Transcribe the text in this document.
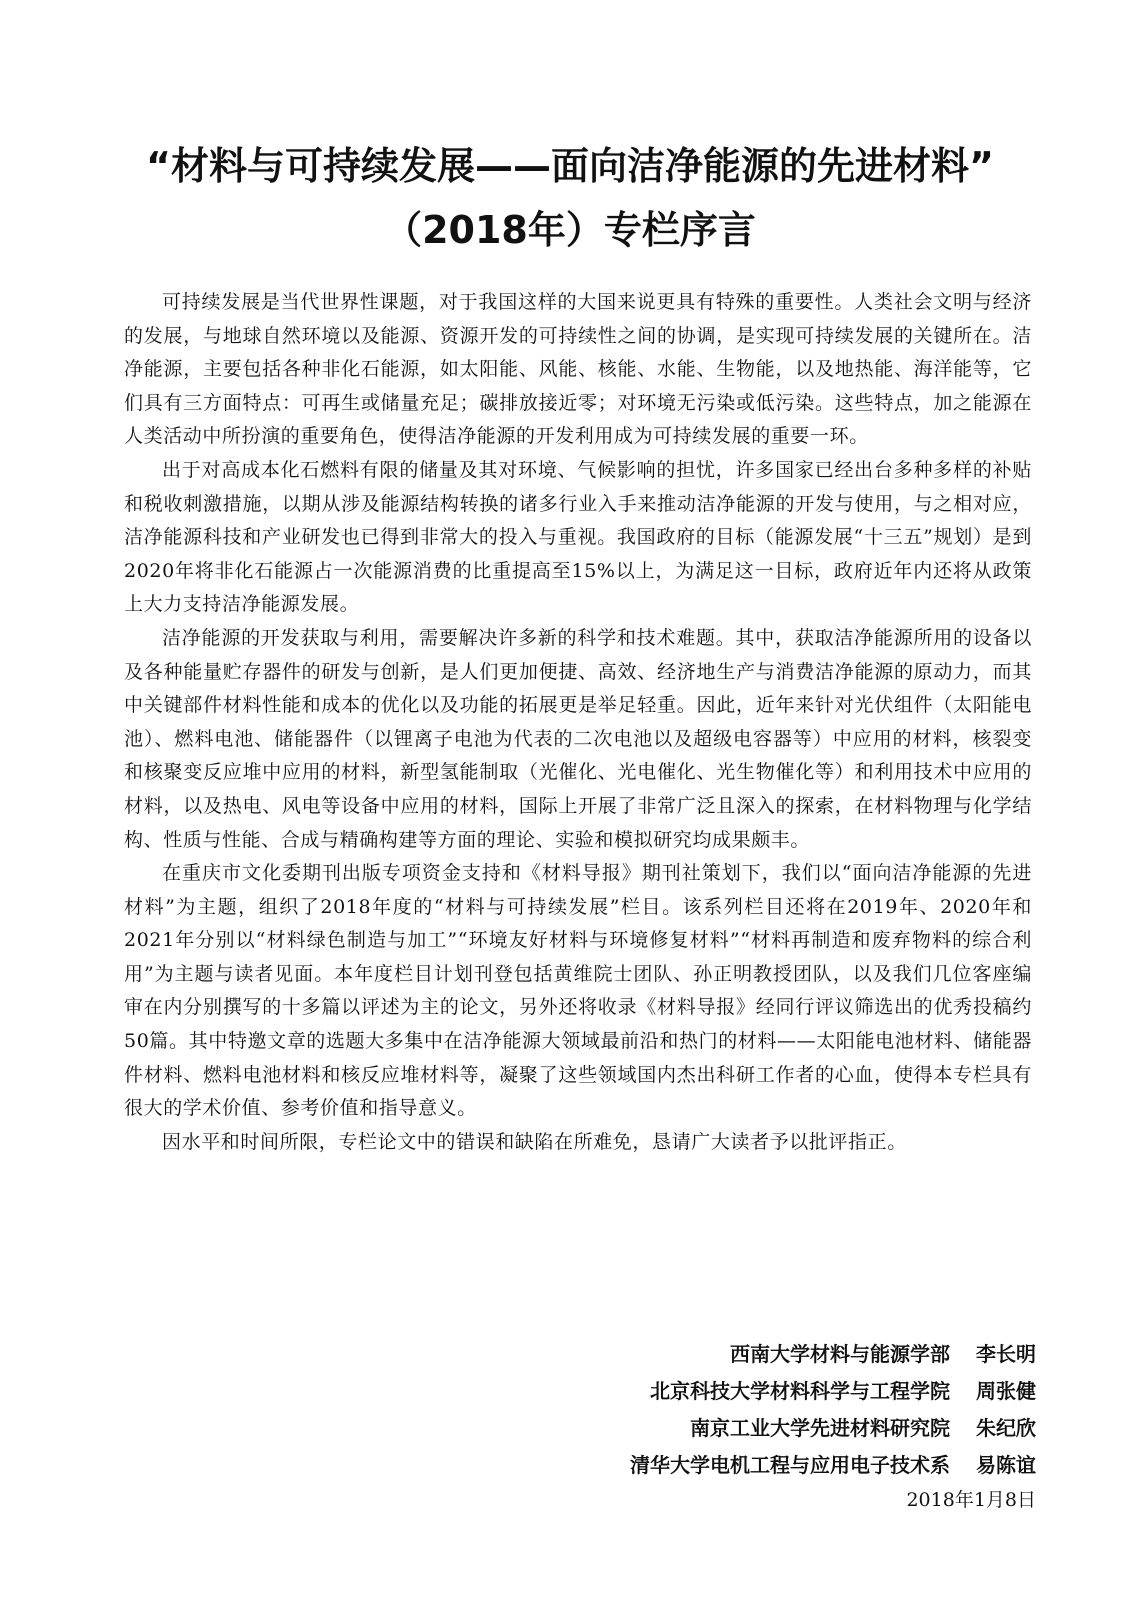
“材料与可持续发展——面向洁净能源的先进材料”
（2018年）专栏序言

可持续发展是当代世界性课题，对于我国这样的大国来说更具有特殊的重要性。人类社会文明与经济的发展，与地球自然环境以及能源、资源开发的可持续性之间的协调，是实现可持续发展的关键所在。洁净能源，主要包括各种非化石能源，如太阳能、风能、核能、水能、生物能，以及地热能、海洋能等，它们具有三方面特点：可再生或储量充足；碳排放接近零；对环境无污染或低污染。这些特点，加之能源在人类活动中所扮演的重要角色，使得洁净能源的开发利用成为可持续发展的重要一环。

出于对高成本化石燃料有限的储量及其对环境、气候影响的担忧，许多国家已经出台多种多样的补贴和税收刺激措施，以期从涉及能源结构转换的诸多行业入手来推动洁净能源的开发与使用，与之相对应，洁净能源科技和产业研发也已得到非常大的投入与重视。我国政府的目标（能源发展“十三五”规划）是到2020年将非化石能源占一次能源消费的比重提高至15%以上，为满足这一目标，政府近年内还将从政策上大力支持洁净能源发展。

洁净能源的开发获取与利用，需要解决许多新的科学和技术难题。其中，获取洁净能源所用的设备以及各种能量贮存器件的研发与创新，是人们更加便捷、高效、经济地生产与消费洁净能源的原动力，而其中关键部件材料性能和成本的优化以及功能的拓展更是举足轻重。因此，近年来针对光伏组件（太阳能电池）、燃料电池、储能器件（以锂离子电池为代表的二次电池以及超级电容器等）中应用的材料，核裂变和核聚变反应堆中应用的材料，新型氢能制取（光催化、光电催化、光生物催化等）和利用技术中应用的材料，以及热电、风电等设备中应用的材料，国际上开展了非常广泛且深入的探索，在材料物理与化学结构、性质与性能、合成与精确构建等方面的理论、实验和模拟研究均成果颇丰。

在重庆市文化委期刊出版专项资金支持和《材料导报》期刊社策划下，我们以“面向洁净能源的先进材料”为主题，组织了2018年度的“材料与可持续发展”栏目。该系列栏目还将在2019年、2020年和2021年分别以“材料绿色制造与加工”“环境友好材料与环境修复材料”“材料再制造和废弃物料的综合利用”为主题与读者见面。本年度栏目计划刊登包括黄维院士团队、孙正明教授团队，以及我们几位客座编审在内分别撰写的十多篇以评述为主的论文，另外还将收录《材料导报》经同行评议筛选出的优秀投稿约50篇。其中特邀文章的选题大多集中在洁净能源大领域最前沿和热门的材料——太阳能电池材料、储能器件材料、燃料电池材料和核反应堆材料等，凝聚了这些领域国内杰出科研工作者的心血，使得本专栏具有很大的学术价值、参考价值和指导意义。

因水平和时间所限，专栏论文中的错误和缺陷在所难免，恳请广大读者予以批评指正。

西南大学材料与能源学部 李长明
北京科技大学材料科学与工程学院 周张健
南京工业大学先进材料研究院 朱纪欣
清华大学电机工程与应用电子技术系 易陈谊
2018年1月8日
